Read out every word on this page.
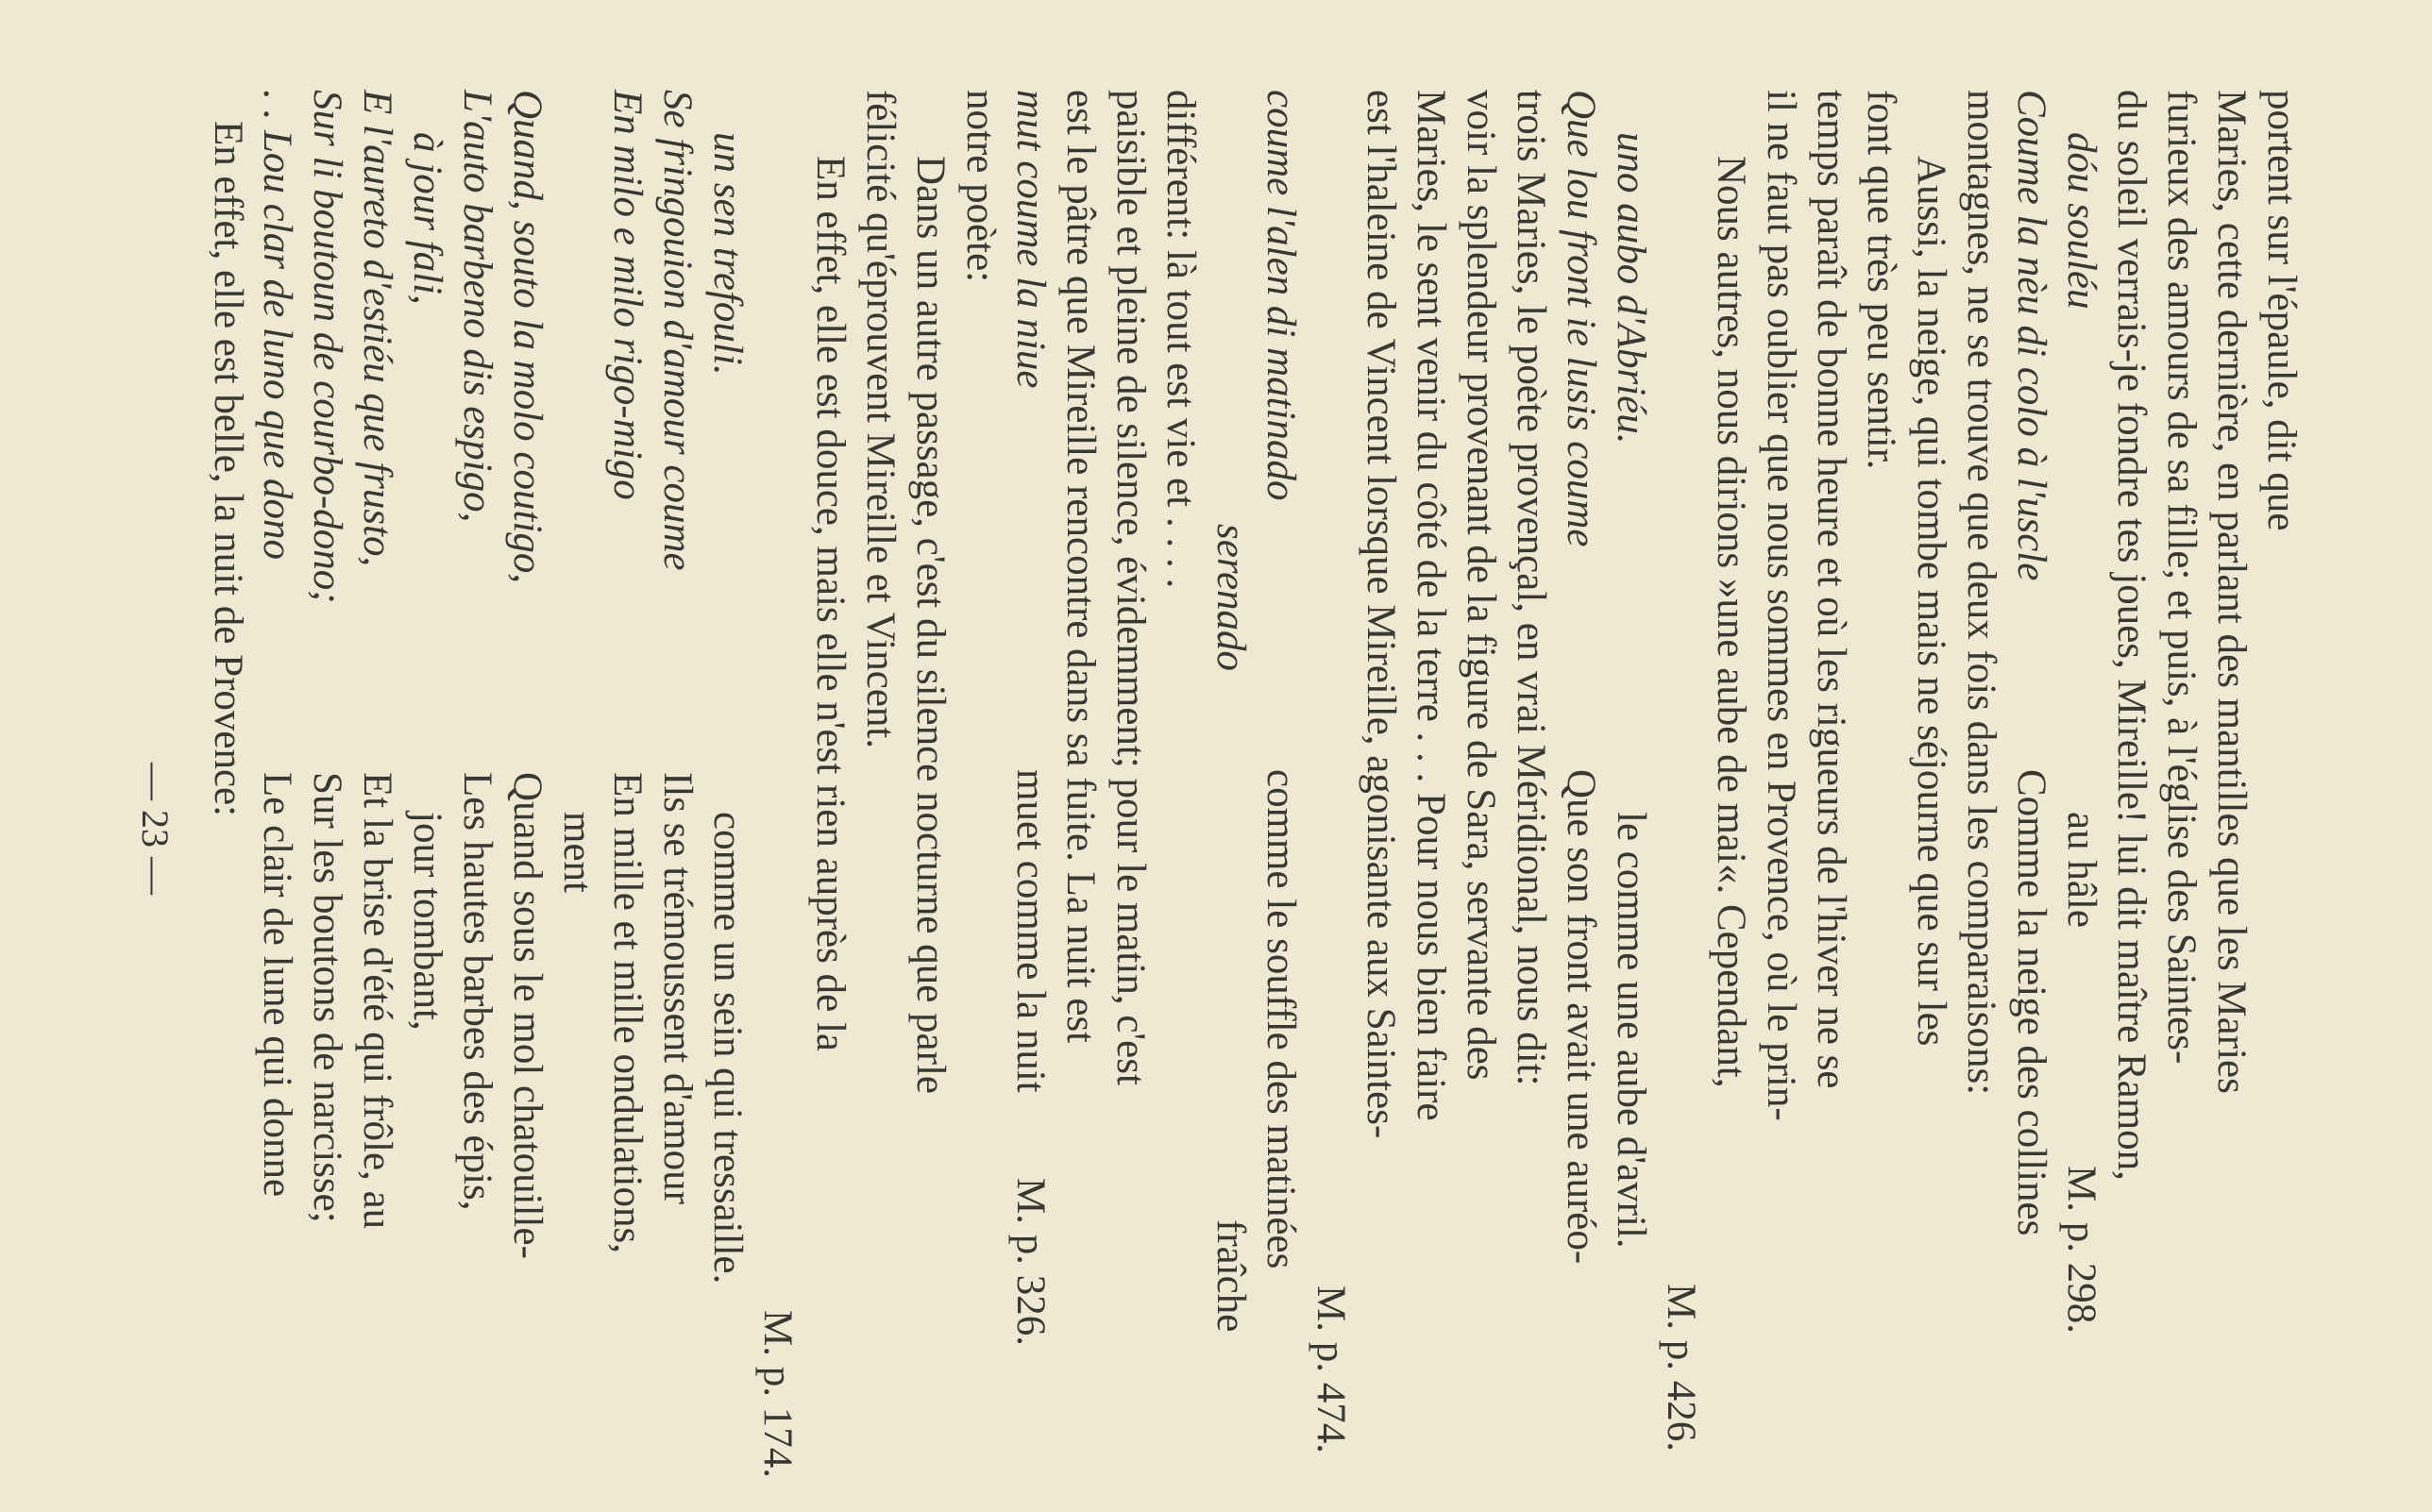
— 23 —
En effet, elle est belle, la nuit de Provence: . . Lou clar de luno que dono Sur li boutoun de courbo-dono; E l'aureto d'estiéu que frusto, à jour fali, L'auto barbeno dis espigo, Quand, souto la molo coutigo, En milo e milo rigo-migo Se fringouion d'amour coume un sen trefouli.
Le clair de lune qui donne Sur les boutons de narcisse; Et la brise d'été qui frôle, au jour tombant, Les hautes barbes des épis, Quand sous le mol chatouille- ment En mille et mille ondulations, Ils se trémoussent d'amour comme un sein qui tressaille.
M. p. 174.
En effet, elle est douce, mais elle n'est rien auprès de la félicité qu'éprouvent Mireille et Vincent. Dans un autre passage, c'est du silence nocturne que parle notre poète: mut coume la niue
muet comme la nuit
M. p. 326.
est le pâtre que Mireille rencontre dans sa fuite. La nuit est paisible et pleine de silence, évidemment; pour le matin, c'est différent: là tout est vie et . . . .
serenado
fraîche
coume l'alen di matinado
comme le souffle des matinées
M. p. 474.
est l'haleine de Vincent lorsque Mireille, agonisante aux Saintes- Maries, le sent venir du côté de la terre . . . Pour nous bien faire voir la splendeur provenant de la figure de Sara, servante des trois Maries, le poète provençal, en vrai Méridional, nous dit: Que lou front ie lusis coume
Que son front avait une auréo-
uno aubo d'Abriéu.
le comme une aube d'avril.
M. p. 426.
Nous autres, nous dirions »une aube de mai«. Cependant, il ne faut pas oublier que nous sommes en Provence, où le prin- temps paraît de bonne heure et où les rigueurs de l'hiver ne se font que très peu sentir. Aussi, la neige, qui tombe mais ne séjourne que sur les montagnes, ne se trouve que deux fois dans les comparaisons: Coume la nèu di colo à l'uscle
Comme la neige des collines
dóu souléu
au hâle
M. p. 298.
du soleil verrais-je fondre tes joues, Mireille! lui dit maître Ramon, furieux des amours de sa fille; et puis, à l'église des Saintes- Maries, cette dernière, en parlant des mantilles que les Maries portent sur l'épaule, dit que
